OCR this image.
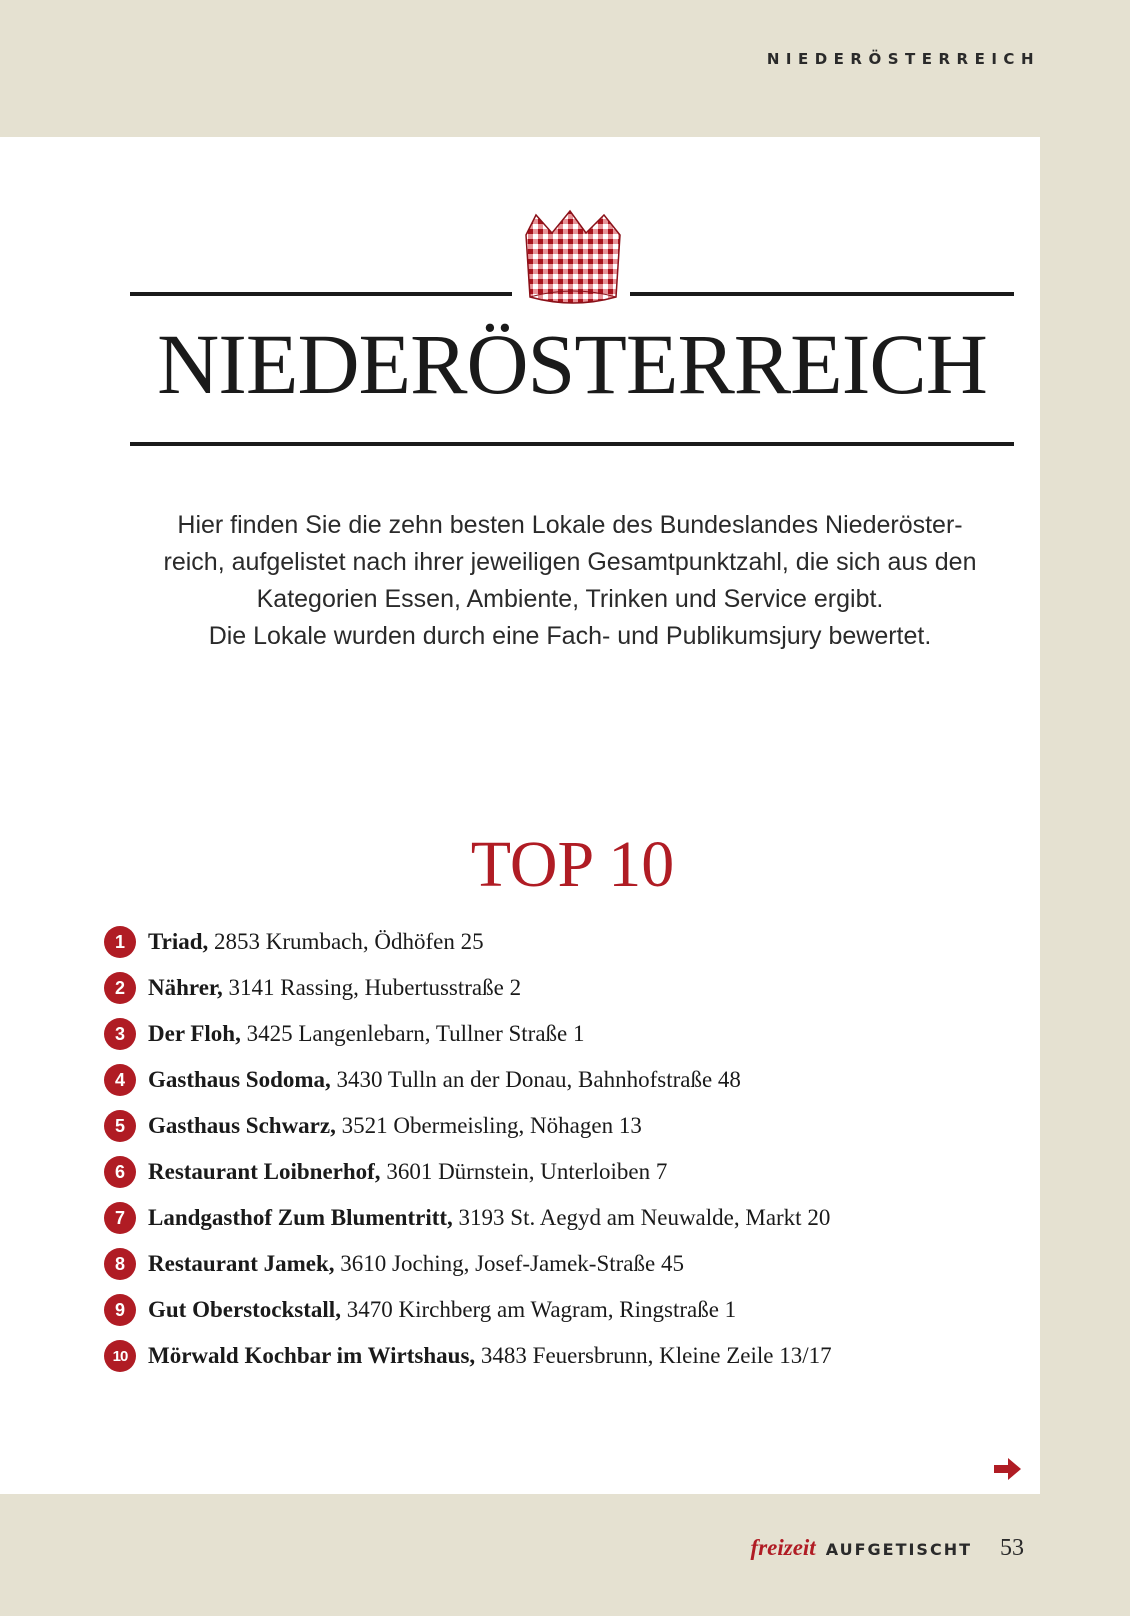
NIEDERÖSTERREICH
NIEDERÖSTERREICH
Hier finden Sie die zehn besten Lokale des Bundeslandes Niederöster-
reich, aufgelistet nach ihrer jeweiligen Gesamtpunktzahl, die sich aus den
Kategorien Essen, Ambiente, Trinken und Service ergibt.
Die Lokale wurden durch eine Fach- und Publikumsjury bewertet.
TOP 10
1	Triad,
2853 Krumbach, Ödhöfen 25
2	Nährer,
3141 Rassing, Hubertusstraße 2
3	Der Floh,
3425 Langenlebarn, Tullner Straße 1
4	Gasthaus Sodoma,
3430 Tulln an der Donau, Bahnhofstraße 48
5	Gasthaus Schwarz,
3521 Obermeisling, Nöhagen 13
6	Restaurant Loibnerhof,
3601 Dürnstein, Unterloiben 7
7	Landgasthof Zum Blumentritt,
3193 St. Aegyd am Neuwalde, Markt 20
8	Restaurant Jamek,
3610 Joching, Josef-Jamek-Straße 45
9	Gut Oberstockstall,
3470 Kirchberg am Wagram, Ringstraße 1
10 Mörwald Kochbar im Wirtshaus,
3483 Feuersbrunn, Kleine Zeile 13/17
freizeit AUFGETISCHT 53
